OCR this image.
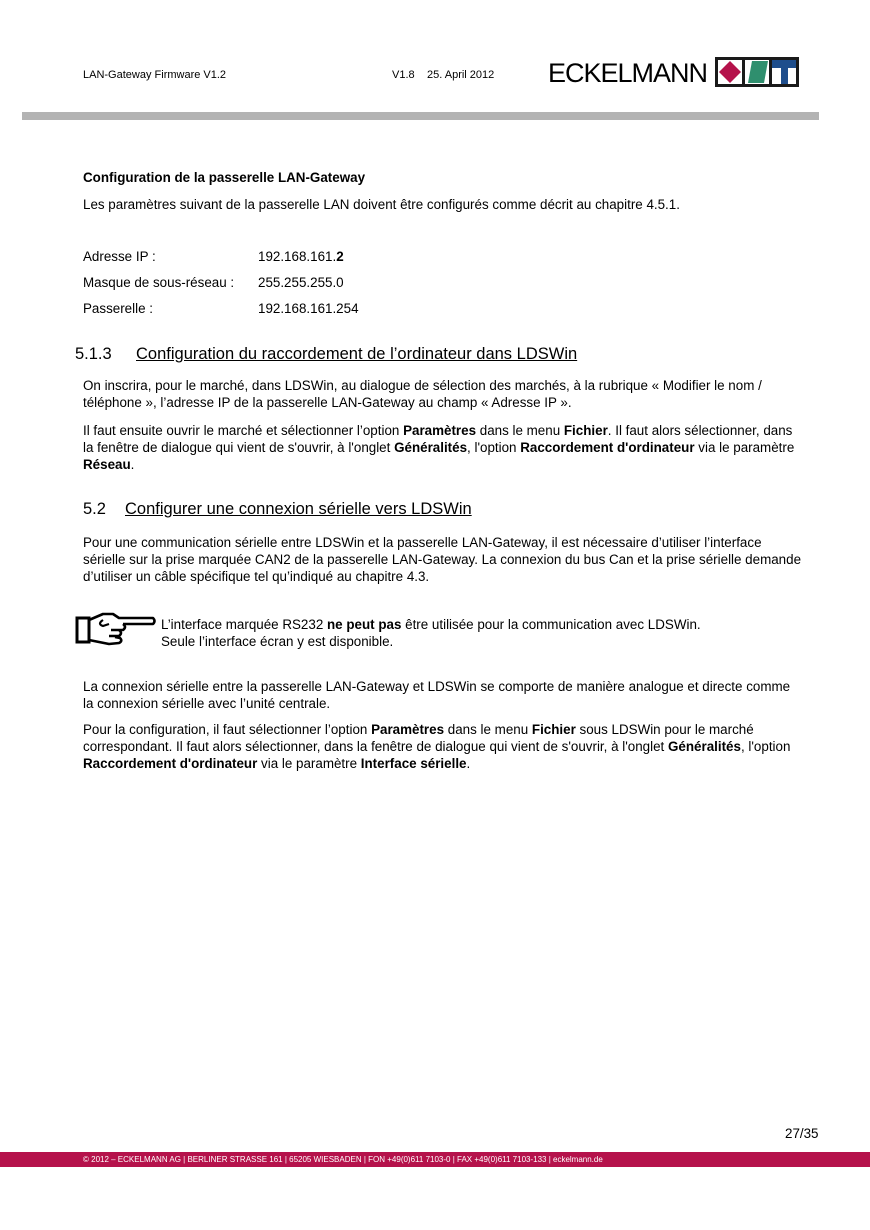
LAN-Gateway Firmware V1.2	V1.8 25. April 2012 ECKELMANN
Configuration de la passerelle LAN-Gateway
Les paramètres suivant de la passerelle LAN doivent être configurés comme décrit au chapitre 4.5.1.
Adresse IP :	192.168.161.2
Masque de sous-réseau : 255.255.255.0
Passerelle :	192.168.161.254
5.1.3 Configuration du raccordement de l’ordinateur dans LDSWin
On inscrira, pour le marché, dans LDSWin, au dialogue de sélection des marchés, à la rubrique « Modifier le nom / téléphone », l’adresse IP de la passerelle LAN-Gateway au champ « Adresse IP ».
Il faut ensuite ouvrir le marché et sélectionner l’option Paramètres dans le menu Fichier. Il faut alors sélectionner, dans la fenêtre de dialogue qui vient de s'ouvrir, à l'onglet Généralités, l'option Raccordement d'ordinateur via le paramètre Réseau.
5.2 Configurer une connexion sérielle vers LDSWin
Pour une communication sérielle entre LDSWin et la passerelle LAN-Gateway, il est nécessaire d’utiliser l’interface sérielle sur la prise marquée CAN2 de la passerelle LAN-Gateway. La connexion du bus Can et la prise sérielle demande d’utiliser un câble spécifique tel qu’indiqué au chapitre 4.3.
L’interface marquée RS232 ne peut pas être utilisée pour la communication avec LDSWin. Seule l’interface écran y est disponible.
La connexion sérielle entre la passerelle LAN-Gateway et LDSWin se comporte de manière analogue et directe comme la connexion sérielle avec l’unité centrale.
Pour la configuration, il faut sélectionner l’option Paramètres dans le menu Fichier sous LDSWin pour le marché correspondant. Il faut alors sélectionner, dans la fenêtre de dialogue qui vient de s'ouvrir, à l'onglet Généralités, l'option Raccordement d'ordinateur via le paramètre Interface sérielle.
27/35
© 2012 – ECKELMANN AG | BERLINER STRASSE 161 | 65205 WIESBADEN | FON +49(0)611 7103-0 | FAX +49(0)611 7103-133 | eckelmann.de
